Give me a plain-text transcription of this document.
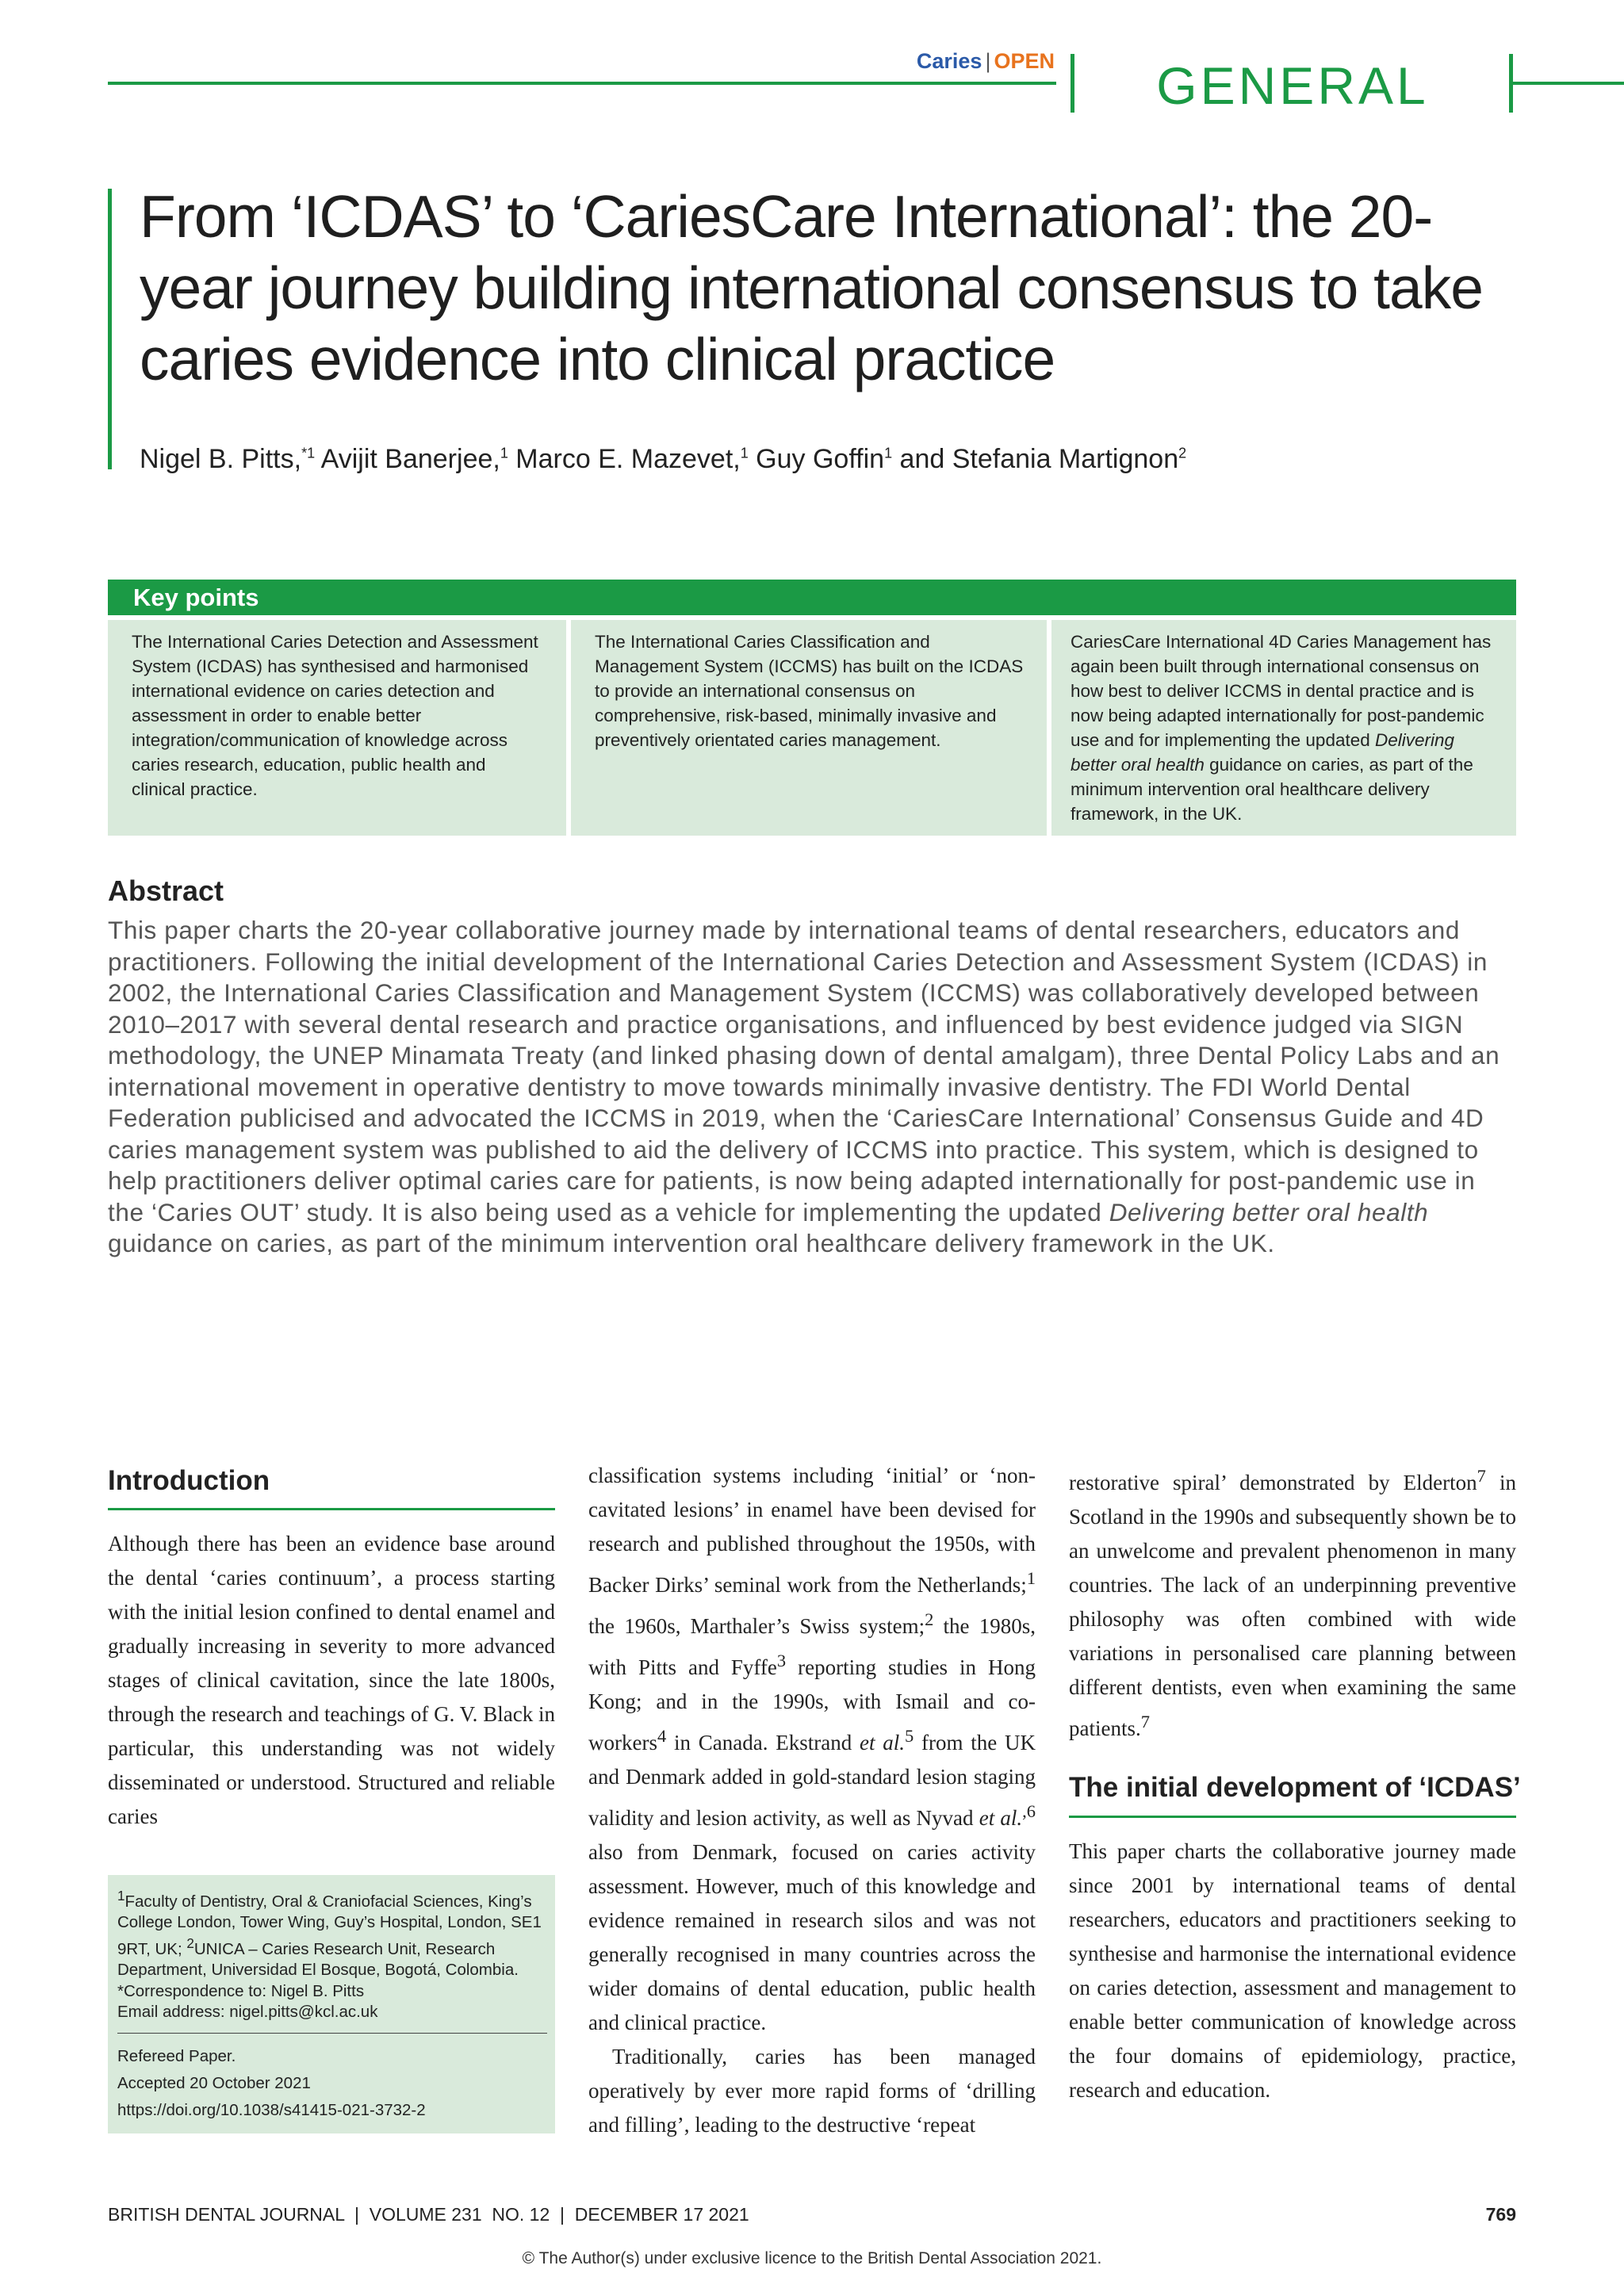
Caries | OPEN	GENERAL
From ‘ICDAS’ to ‘CariesCare International’: the 20-year journey building international consensus to take caries evidence into clinical practice
Nigel B. Pitts,$^{*1}$ Avijit Banerjee,$^1$ Marco E. Mazevet,$^1$ Guy Goffin$^1$ and Stefania Martignon$^2$
Key points
The International Caries Detection and Assessment System (ICDAS) has synthesised and harmonised international evidence on caries detection and assessment in order to enable better integration/communication of knowledge across caries research, education, public health and clinical practice.
The International Caries Classification and Management System (ICCMS) has built on the ICDAS to provide an international consensus on comprehensive, risk-based, minimally invasive and preventively orientated caries management.
CariesCare International 4D Caries Management has again been built through international consensus on how best to deliver ICCMS in dental practice and is now being adapted internationally for post-pandemic use and for implementing the updated Delivering better oral health guidance on caries, as part of the minimum intervention oral healthcare delivery framework, in the UK.
Abstract
This paper charts the 20-year collaborative journey made by international teams of dental researchers, educators and practitioners. Following the initial development of the International Caries Detection and Assessment System (ICDAS) in 2002, the International Caries Classification and Management System (ICCMS) was collaboratively developed between 2010–2017 with several dental research and practice organisations, and influenced by best evidence judged via SIGN methodology, the UNEP Minamata Treaty (and linked phasing down of dental amalgam), three Dental Policy Labs and an international movement in operative dentistry to move towards minimally invasive dentistry. The FDI World Dental Federation publicised and advocated the ICCMS in 2019, when the ‘CariesCare International’ Consensus Guide and 4D caries management system was published to aid the delivery of ICCMS into practice. This system, which is designed to help practitioners deliver optimal caries care for patients, is now being adapted internationally for post-pandemic use in the ‘Caries OUT’ study. It is also being used as a vehicle for implementing the updated Delivering better oral health guidance on caries, as part of the minimum intervention oral healthcare delivery framework in the UK.
Introduction
Although there has been an evidence base around the dental ‘caries continuum’, a process starting with the initial lesion confined to dental enamel and gradually increasing in severity to more advanced stages of clinical cavitation, since the late 1800s, through the research and teachings of G. V. Black in particular, this understanding was not widely disseminated or understood. Structured and reliable caries
$^1$Faculty of Dentistry, Oral & Craniofacial Sciences, King’s College London, Tower Wing, Guy’s Hospital, London, SE1 9RT, UK; $^2$UNICA – Caries Research Unit, Research Department, Universidad El Bosque, Bogotá, Colombia.
*Correspondence to: Nigel B. Pitts
Email address: nigel.pitts@kcl.ac.uk
Refereed Paper.
Accepted 20 October 2021
https://doi.org/10.1038/s41415-021-3732-2
classification systems including ‘initial’ or ‘non-cavitated lesions’ in enamel have been devised for research and published throughout the 1950s, with Backer Dirks’ seminal work from the Netherlands;$^1$ the 1960s, Marthaler’s Swiss system;$^2$ the 1980s, with Pitts and Fyffe$^3$ reporting studies in Hong Kong; and in the 1990s, with Ismail and co-workers$^4$ in Canada. Ekstrand et al.$^5$ from the UK and Denmark added in gold-standard lesion staging validity and lesion activity, as well as Nyvad et al.$^{,6}$ also from Denmark, focused on caries activity assessment. However, much of this knowledge and evidence remained in research silos and was not generally recognised in many countries across the wider domains of dental education, public health and clinical practice.
Traditionally, caries has been managed operatively by ever more rapid forms of ‘drilling and filling’, leading to the destructive ‘repeat
restorative spiral’ demonstrated by Elderton$^7$ in Scotland in the 1990s and subsequently shown be to an unwelcome and prevalent phenomenon in many countries. The lack of an underpinning preventive philosophy was often combined with wide variations in personalised care planning between different dentists, even when examining the same patients.$^7$
The initial development of ‘ICDAS’
This paper charts the collaborative journey made since 2001 by international teams of dental researchers, educators and practitioners seeking to synthesise and harmonise the international evidence on caries detection, assessment and management to enable better communication of knowledge across the four domains of epidemiology, practice, research and education.
BRITISH DENTAL JOURNAL  |  VOLUME 231  NO. 12  |  DECEMBER 17 2021	769
© The Author(s) under exclusive licence to the British Dental Association 2021.
